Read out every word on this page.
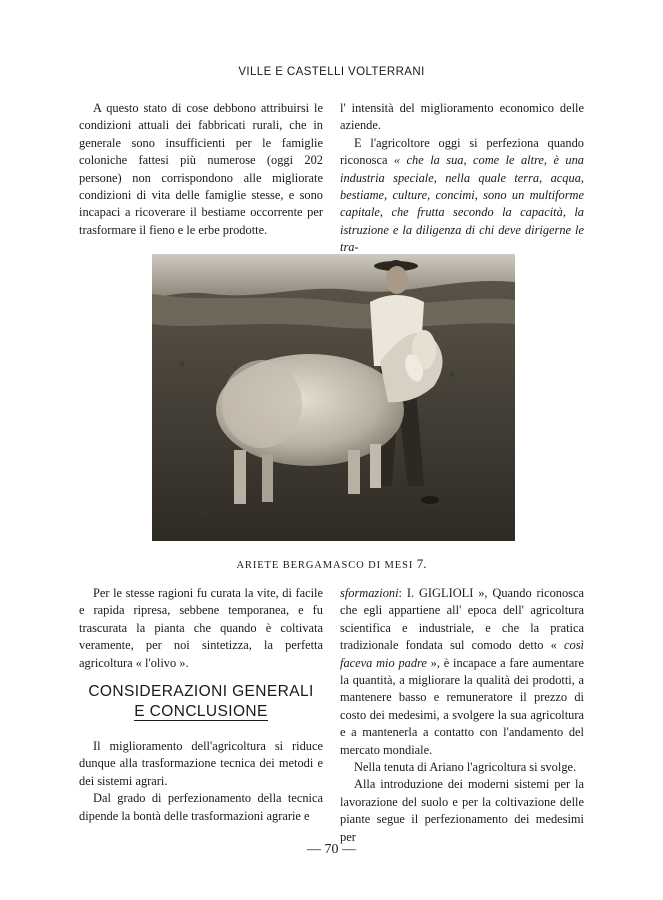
VILLE E CASTELLI VOLTERRANI

A questo stato di cose debbono attribuirsi le condizioni attuali dei fabbricati rurali, che in generale sono insufficienti per le famiglie coloniche fattesi più numerose (oggi 202 persone) non corrispondono alle migliorate condizioni di vita delle famiglie stesse, e sono incapaci a ricoverare il bestiame occorrente per trasformare il fieno e le erbe prodotte.

l' intensità del miglioramento economico delle aziende.

E l'agricoltore oggi si perfeziona quando riconosca « che la sua, come le altre, è una industria speciale, nella quale terra, acqua, bestiame, culture, concimi, sono un multiforme capitale, che frutta secondo la capacità, la istruzione e la diligenza di chi deve dirigerne le tra-

ARIETE BERGAMASCO DI MESI 7.

Per le stesse ragioni fu curata la vite, di facile e rapida ripresa, sebbene temporanea, e fu trascurata la pianta che quando è coltivata veramente, per noi sintetizza, la perfetta agricoltura « l'olivo ».

CONSIDERAZIONI GENERALI
E CONCLUSIONE

Il miglioramento dell'agricoltura si riduce dunque alla trasformazione tecnica dei metodi e dei sistemi agrari.

Dal grado di perfezionamento della tecnica dipende la bontà delle trasformazioni agrarie e

sformazioni: I. GIGLIOLI », Quando riconosca che egli appartiene all' epoca dell' agricoltura scientifica e industriale, e che la pratica tradizionale fondata sul comodo detto « così faceva mio padre », è incapace a fare aumentare la quantità, a migliorare la qualità dei prodotti, a mantenere basso e remuneratore il prezzo di costo dei medesimi, a svolgere la sua agricoltura e a mantenerla a contatto con l'andamento del mercato mondiale.

Nella tenuta di Ariano l'agricoltura si svolge.

Alla introduzione dei moderni sistemi per la lavorazione del suolo e per la coltivazione delle piante segue il perfezionamento dei medesimi per

— 70 —
